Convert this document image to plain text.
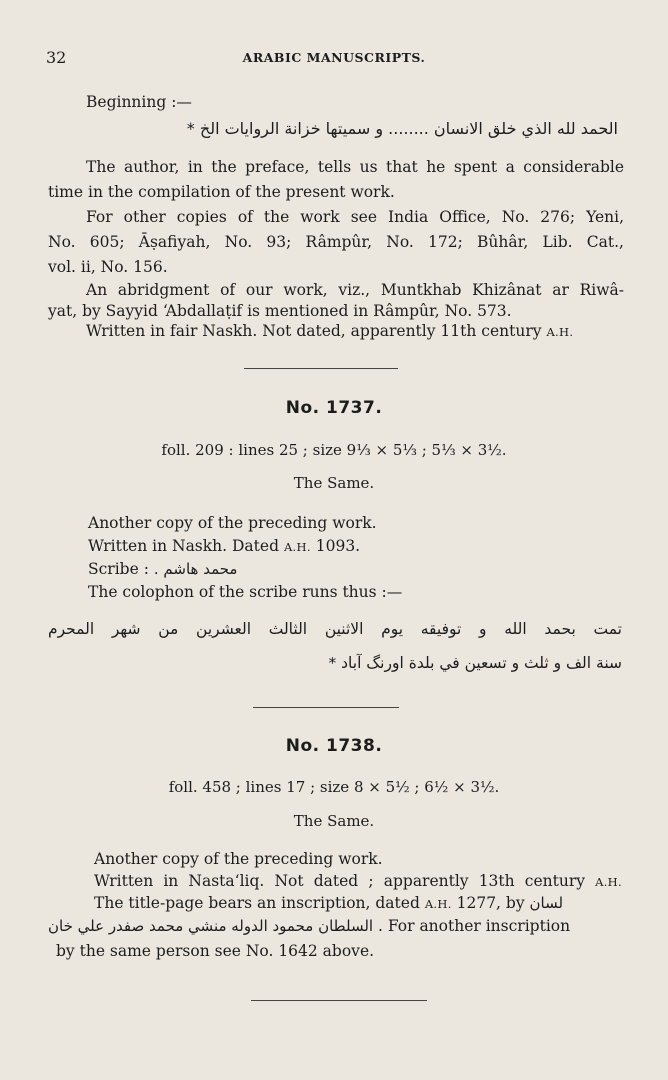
32	ARABIC MANUSCRIPTS.
Beginning :—
الحمد لله الذي خلق الانسان ........ و سميتها خزانة الروايات الخ *
The author, in the preface, tells us that he spent a considerable
time in the compilation of the present work.
For other copies of the work see India Office, No. 276; Yeni,
No. 605; Āṣafiyah, No. 93; Râmpûr, No. 172; Bûhâr, Lib. Cat.,
vol. ii, No. 156.
An abridgment of our work, viz., Muntkhab Khizânat ar Riwâ-
yat, by Sayyid ‘Abdallaṭif is mentioned in Râmpûr, No. 573.
Written in fair Naskh. Not dated, apparently 11th century A.H.
No. 1737.
foll. 209 : lines 25 ; size 9⅓ × 5⅓ ; 5⅓ × 3½.
The Same.
Another copy of the preceding work.
Written in Naskh. Dated A.H. 1093.
Scribe : محمد هاشم .
The colophon of the scribe runs thus :—
تمت بحمد الله و توفيقه يوم الاثنين الثالث العشرين من شهر المحرم
سنة الف و ثلث و تسعين في بلدة اورنگ آباد *
No. 1738.
foll. 458 ; lines 17 ; size 8 × 5½ ; 6½ × 3½.
The Same.
Another copy of the preceding work.
Written in Nasta‘liq. Not dated ; apparently 13th century A.H.
The title-page bears an inscription, dated A.H. 1277, by لسان
السلطان محمود الدوله منشي محمد صفدر علي خان . For another inscription
by the same person see No. 1642 above.
